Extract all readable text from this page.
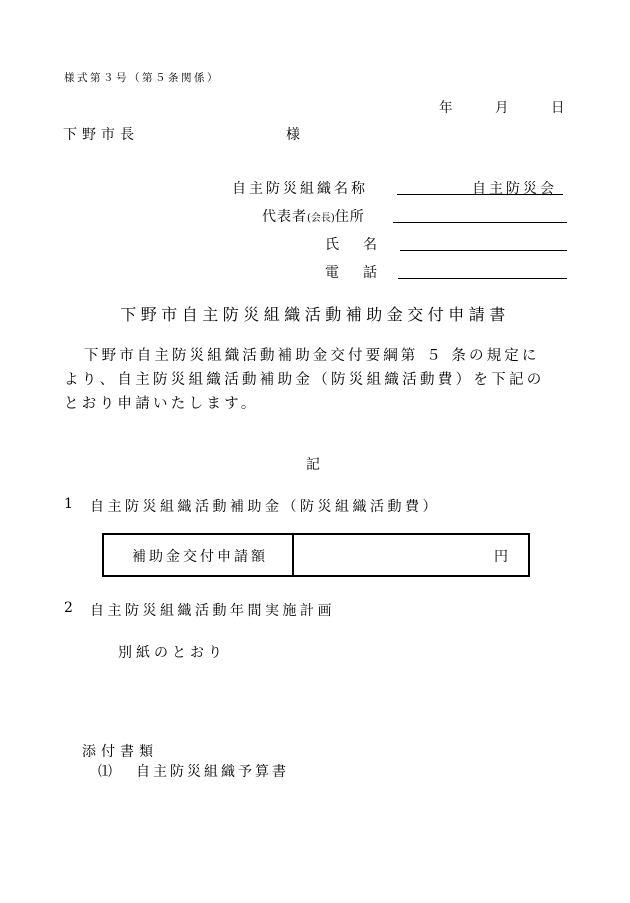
様式第３号（第５条関係）
年	月	日
下野市長	様
自主防災組織名称	自主防災会
代表者(会長)住所
氏名
電話
下野市自主防災組織活動補助金交付申請書
下野市自主防災組織活動補助金交付要綱第 ５ 条の規定に
より、自主防災組織活動補助金（防災組織活動費）を下記の
とおり申請いたします。
記
1 自主防災組織活動補助金（防災組織活動費）
補助金交付申請額	円
2 自主防災組織活動年間実施計画
別紙のとおり
添付書類
⑴ 自主防災組織予算書
